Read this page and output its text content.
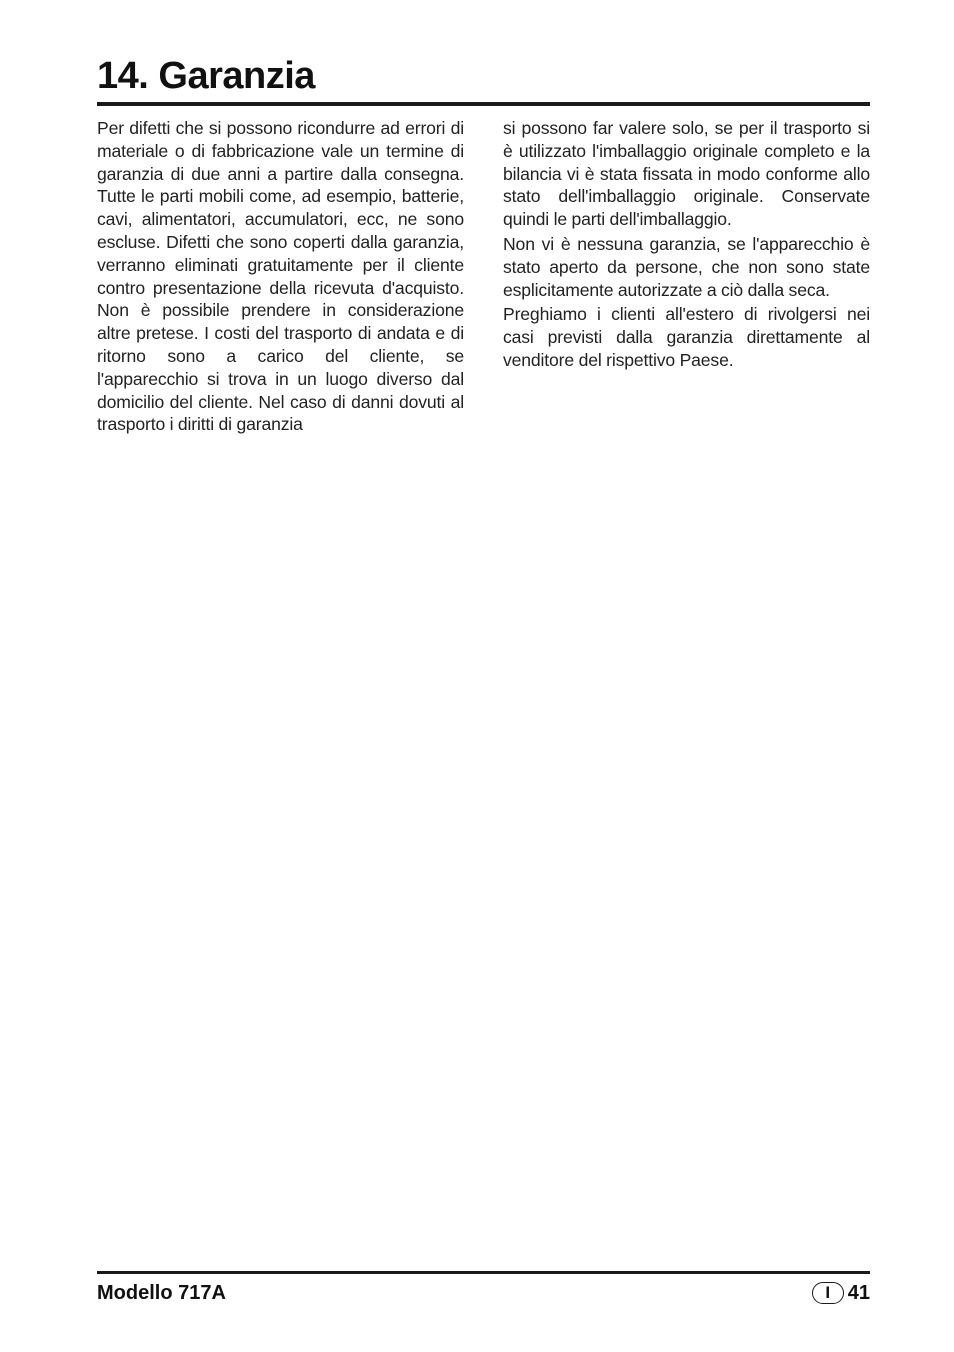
14. Garanzia

Per difetti che si possono ricondurre ad errori di materiale o di fabbricazione vale un termine di garanzia di due anni a partire dalla consegna. Tutte le parti mobili come, ad esempio, batterie, cavi, alimentatori, accumulatori, ecc, ne sono escluse. Difetti che sono coperti dalla garanzia, verranno eliminati gratuitamente per il cliente contro presentazione della ricevuta d'acquisto. Non è possibile prendere in considerazione altre pretese. I costi del trasporto di andata e di ritorno sono a carico del cliente, se l'apparecchio si trova in un luogo diverso dal domicilio del cliente. Nel caso di danni dovuti al trasporto i diritti di garanzia

si possono far valere solo, se per il trasporto si è utilizzato l'imballaggio originale completo e la bilancia vi è stata fissata in modo conforme allo stato dell'imballaggio originale. Conservate quindi le parti dell'imballaggio.

Non vi è nessuna garanzia, se l'apparecchio è stato aperto da persone, che non sono state esplicitamente autorizzate a ciò dalla seca.

Preghiamo i clienti all'estero di rivolgersi nei casi previsti dalla garanzia direttamente al venditore del rispettivo Paese.

Modello 717A	I 41
